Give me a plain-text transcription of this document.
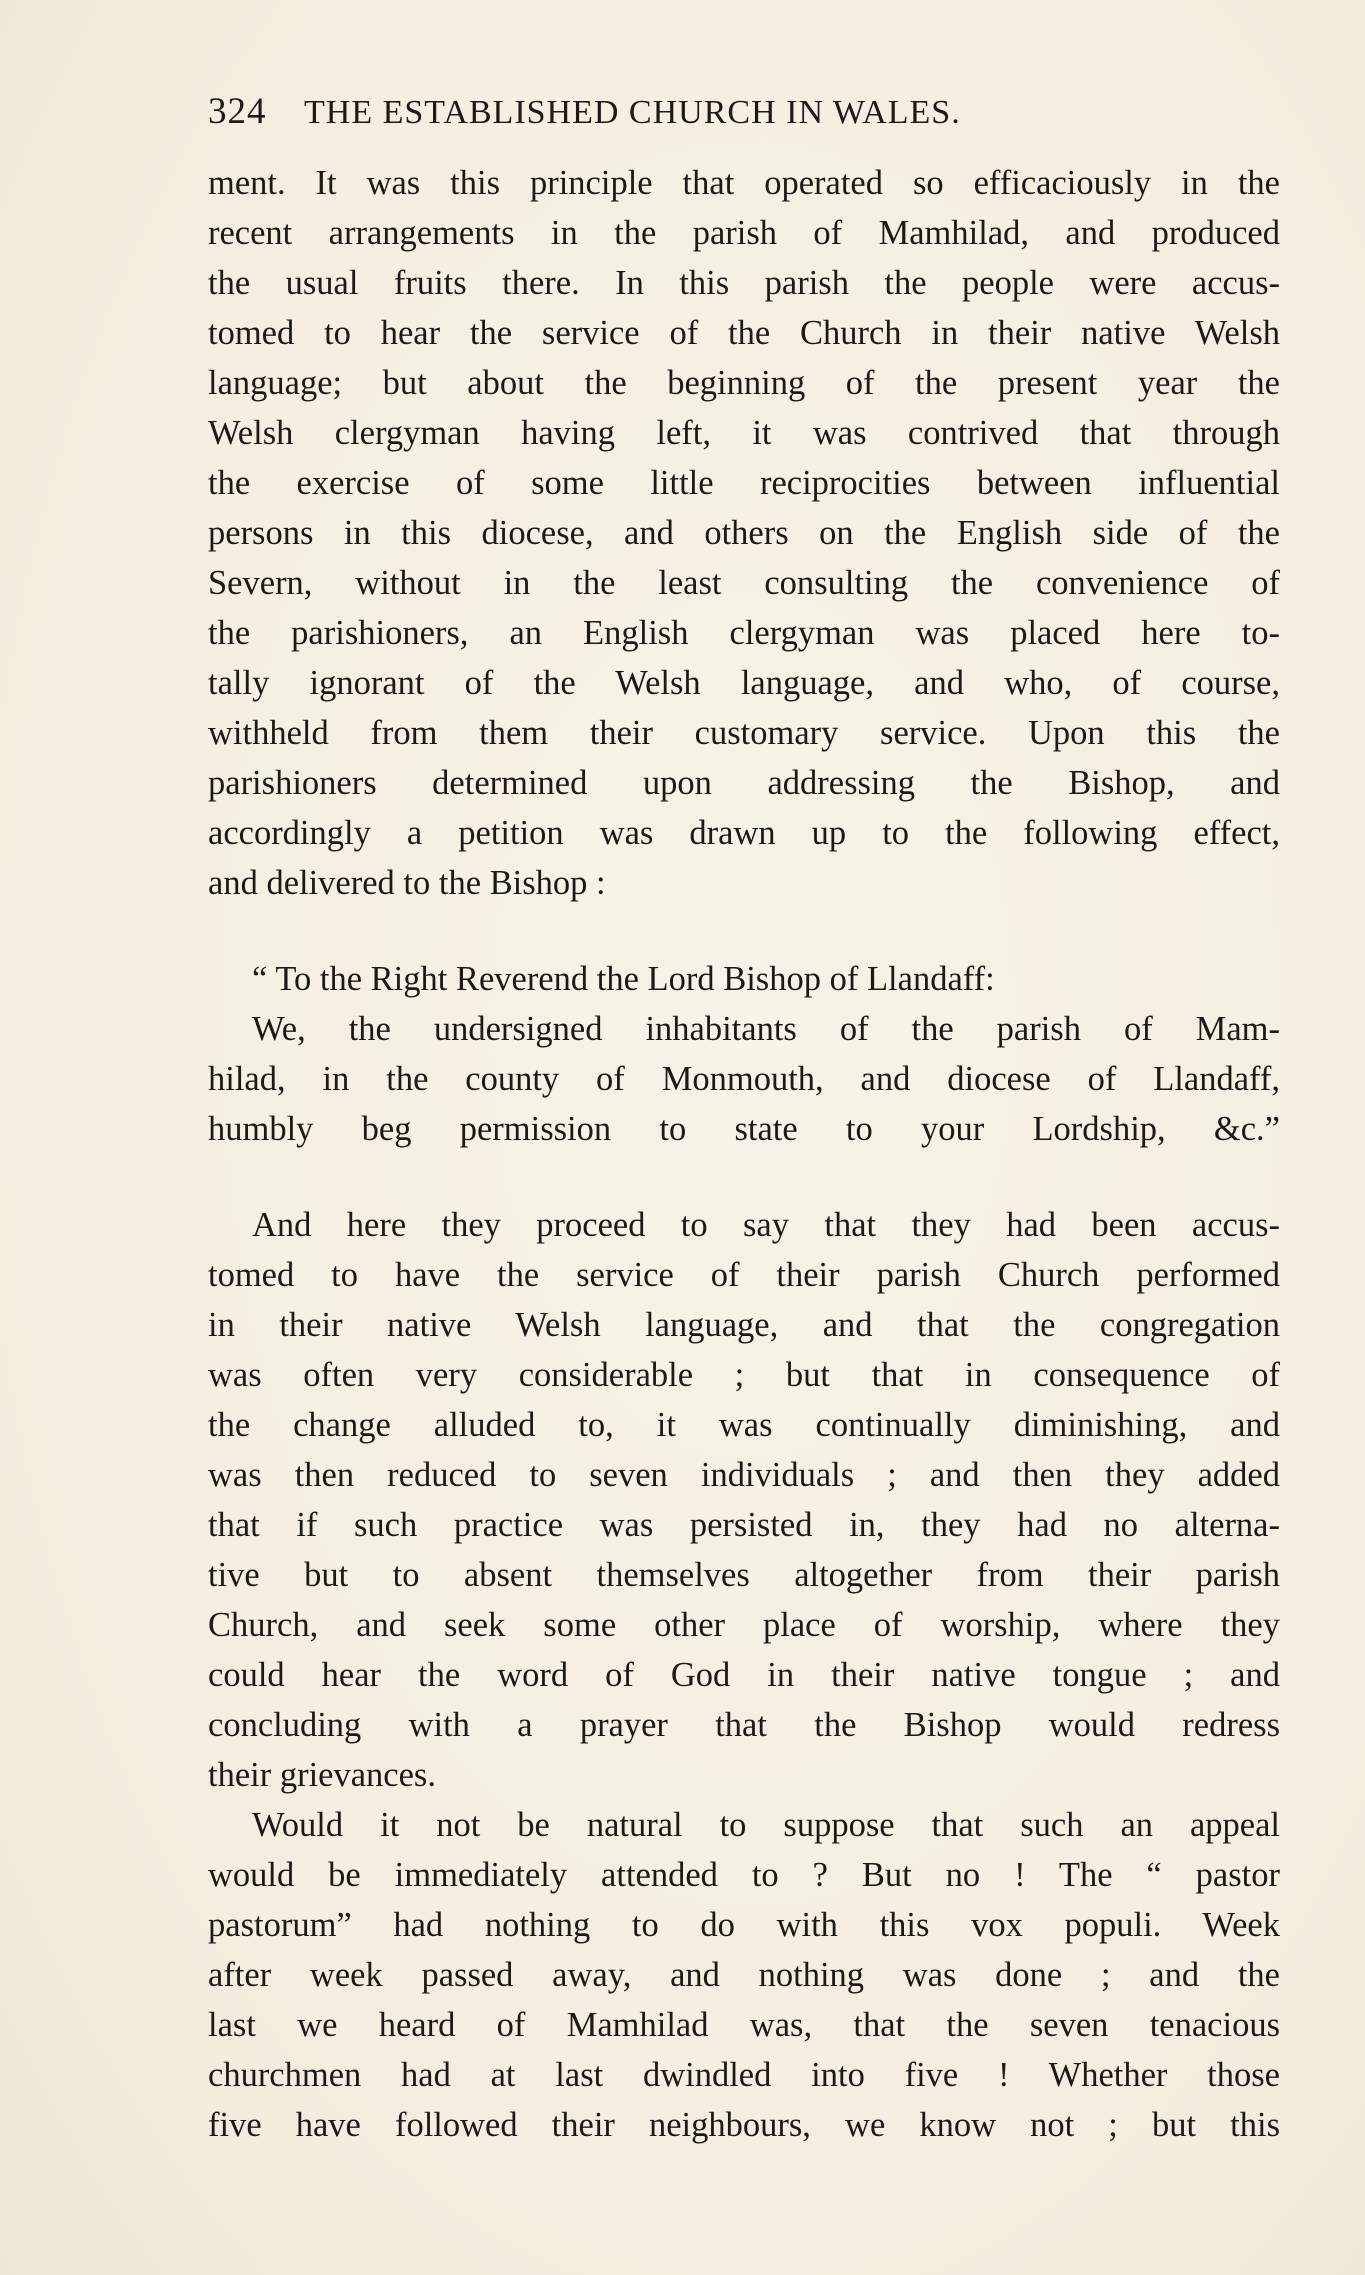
324 THE ESTABLISHED CHURCH IN WALES.
ment. It was this principle that operated so efficaciously in the
recent arrangements in the parish of Mamhilad, and produced
the usual fruits there. In this parish the people were accus-
tomed to hear the service of the Church in their native Welsh
language; but about the beginning of the present year the
Welsh clergyman having left, it was contrived that through
the exercise of some little reciprocities between influential
persons in this diocese, and others on the English side of the
Severn, without in the least consulting the convenience of
the parishioners, an English clergyman was placed here to-
tally ignorant of the Welsh language, and who, of course,
withheld from them their customary service. Upon this the
parishioners determined upon addressing the Bishop, and
accordingly a petition was drawn up to the following effect,
and delivered to the Bishop :
“ To the Right Reverend the Lord Bishop of Llandaff:
We, the undersigned inhabitants of the parish of Mam-
hilad, in the county of Monmouth, and diocese of Llandaff,
humbly beg permission to state to your Lordship, &c.”
And here they proceed to say that they had been accus-
tomed to have the service of their parish Church performed
in their native Welsh language, and that the congregation
was often very considerable ; but that in consequence of
the change alluded to, it was continually diminishing, and
was then reduced to seven individuals ; and then they added
that if such practice was persisted in, they had no alterna-
tive but to absent themselves altogether from their parish
Church, and seek some other place of worship, where they
could hear the word of God in their native tongue ; and
concluding with a prayer that the Bishop would redress
their grievances.
Would it not be natural to suppose that such an appeal
would be immediately attended to ? But no ! The “ pastor
pastorum” had nothing to do with this vox populi. Week
after week passed away, and nothing was done ; and the
last we heard of Mamhilad was, that the seven tenacious
churchmen had at last dwindled into five ! Whether those
five have followed their neighbours, we know not ; but this
